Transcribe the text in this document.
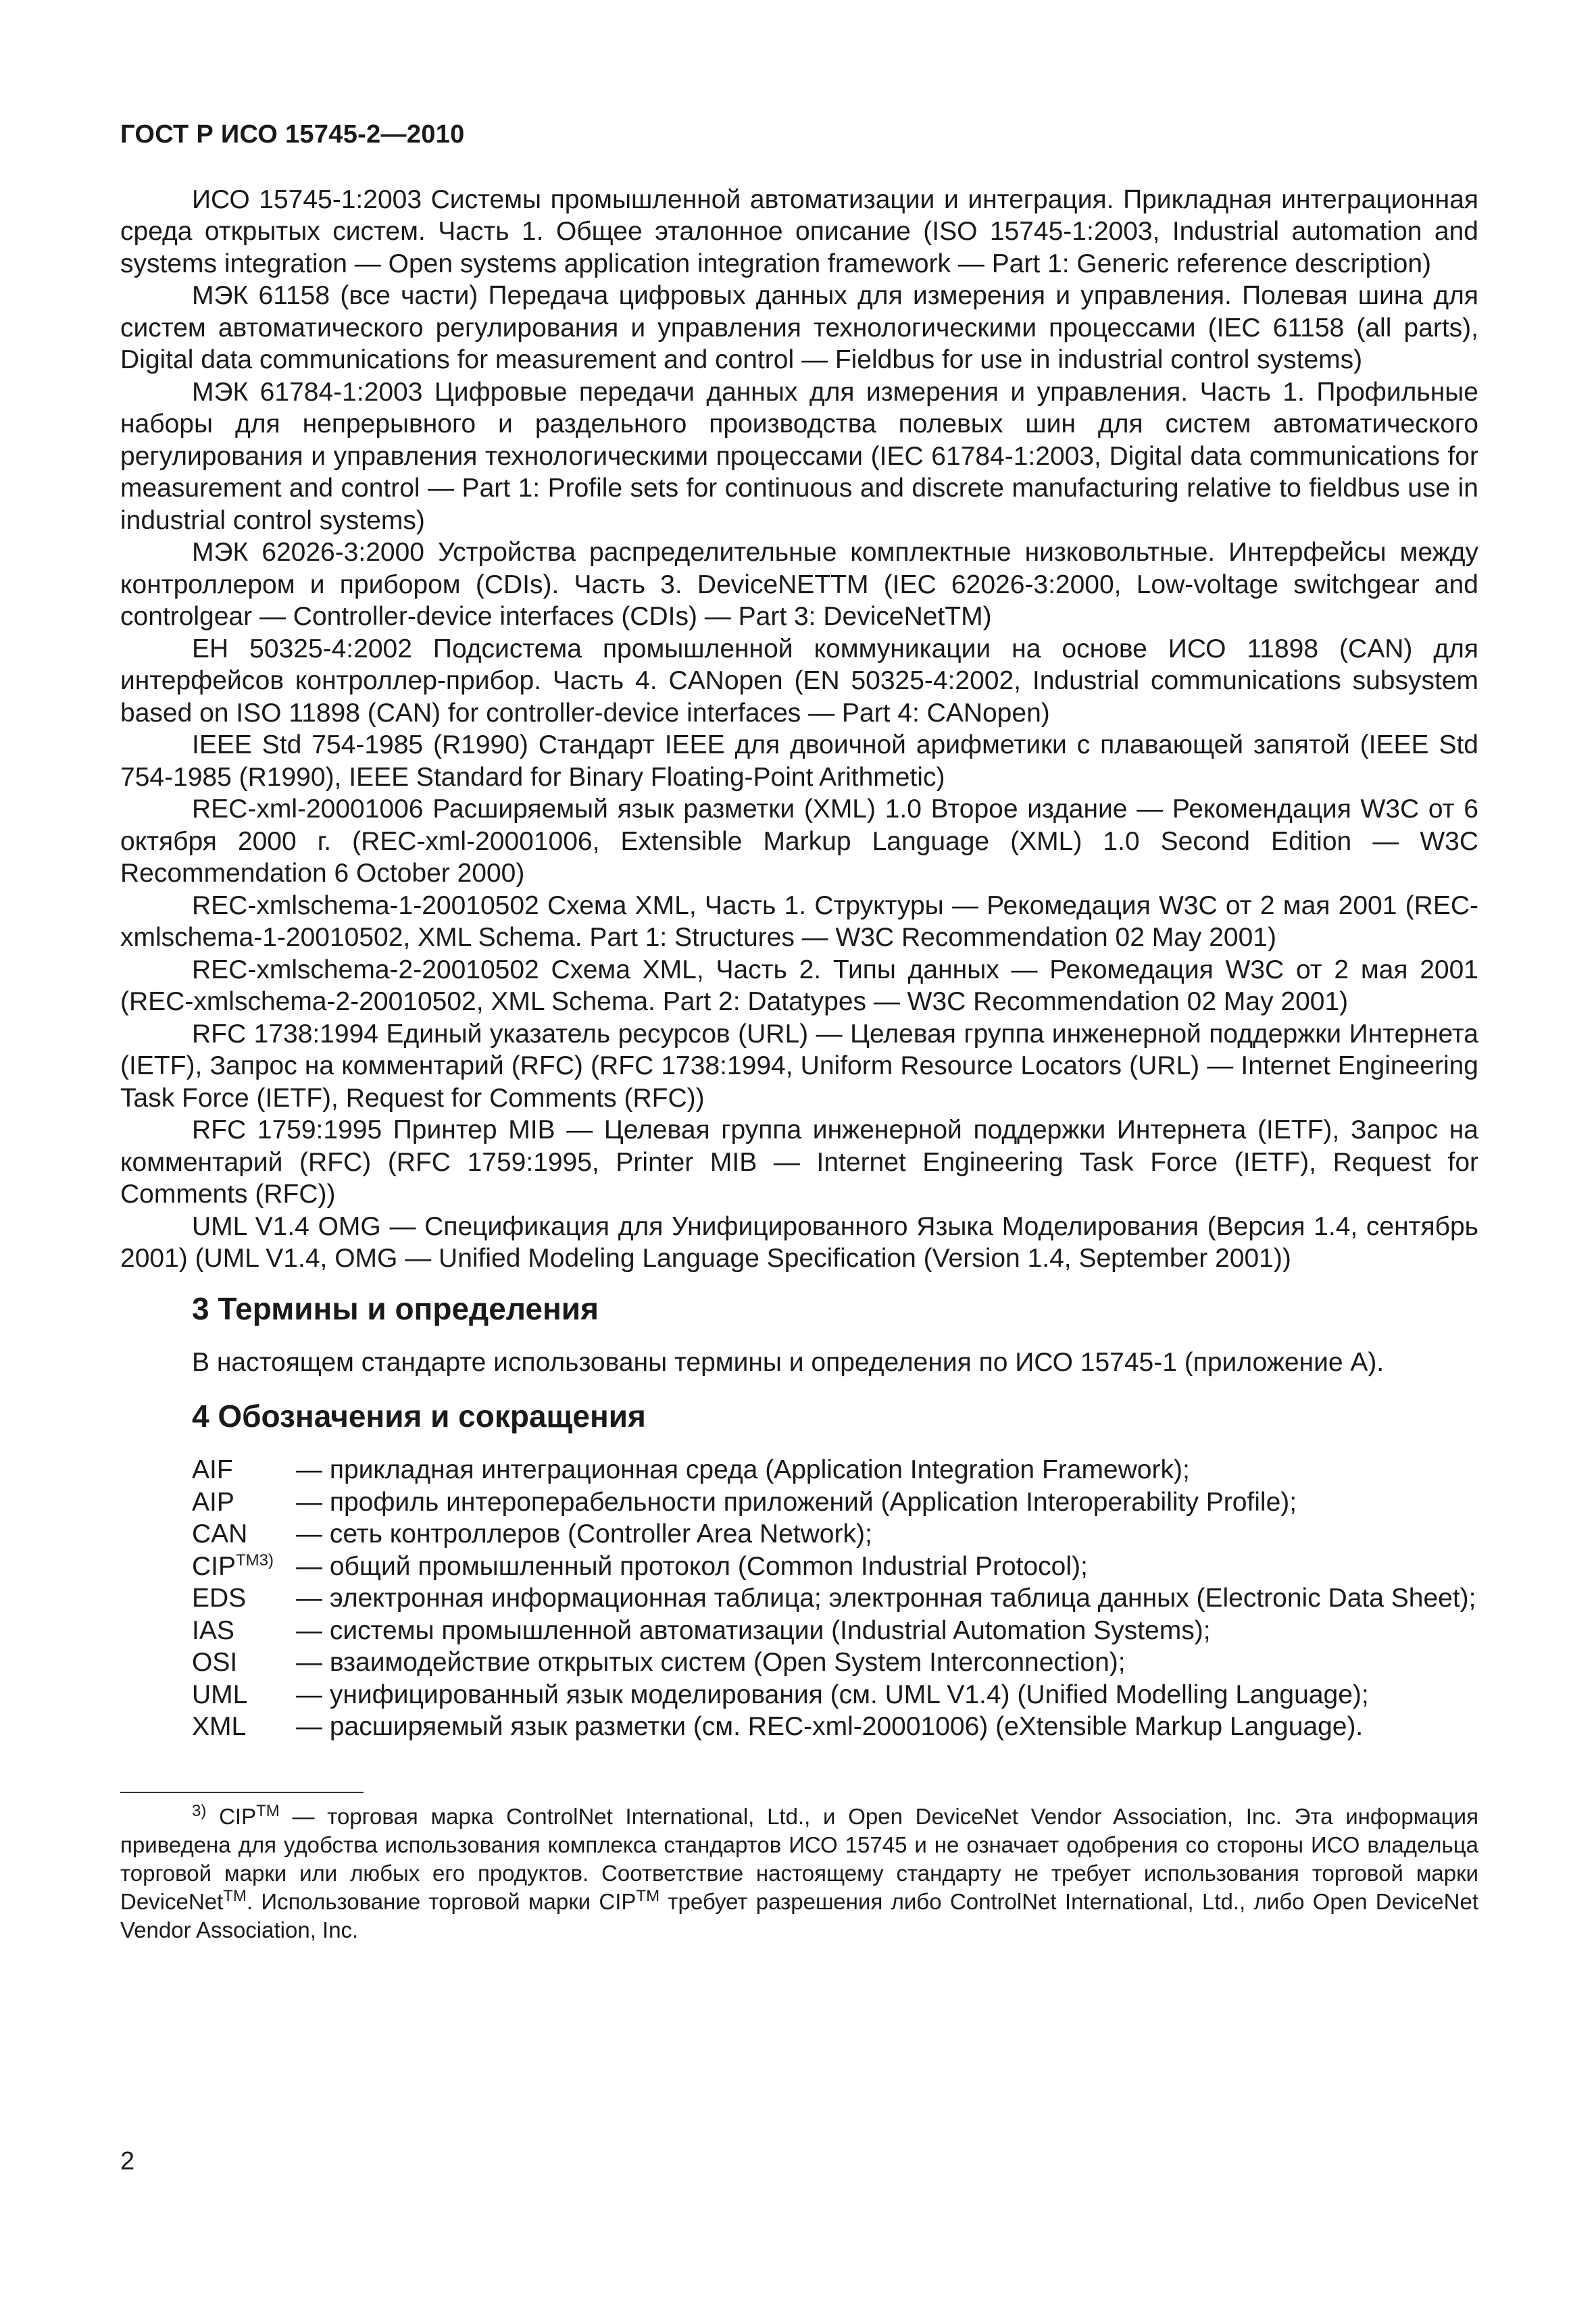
ГОСТ Р ИСО 15745-2—2010

ИСО 15745-1:2003 Системы промышленной автоматизации и интеграция. Прикладная интеграционная среда открытых систем. Часть 1. Общее эталонное описание (ISO 15745-1:2003, Industrial automation and systems integration — Open systems application integration framework — Part 1: Generic reference description)

МЭК 61158 (все части) Передача цифровых данных для измерения и управления. Полевая шина для систем автоматического регулирования и управления технологическими процессами (IEC 61158 (all parts), Digital data communications for measurement and control — Fieldbus for use in industrial control systems)

МЭК 61784-1:2003 Цифровые передачи данных для измерения и управления. Часть 1. Профильные наборы для непрерывного и раздельного производства полевых шин для систем автоматического регулирования и управления технологическими процессами (IEC 61784-1:2003, Digital data communications for measurement and control — Part 1: Profile sets for continuous and discrete manufacturing relative to fieldbus use in industrial control systems)

МЭК 62026-3:2000 Устройства распределительные комплектные низковольтные. Интерфейсы между контроллером и прибором (CDIs). Часть 3. DeviceNETTM (IEC 62026-3:2000, Low-voltage switchgear and controlgear — Controller-device interfaces (CDIs) — Part 3: DeviceNetTM)

ЕН 50325-4:2002 Подсистема промышленной коммуникации на основе ИСО 11898 (CAN) для интерфейсов контроллер-прибор. Часть 4. CANopen (EN 50325-4:2002, Industrial communications subsystem based on ISO 11898 (CAN) for controller-device interfaces — Part 4: CANopen)

IEEE Std 754-1985 (R1990) Стандарт IEEE для двоичной арифметики с плавающей запятой (IEEE Std 754-1985 (R1990), IEEE Standard for Binary Floating-Point Arithmetic)

REC-xml-20001006 Расширяемый язык разметки (XML) 1.0 Второе издание — Рекомендация W3C от 6 октября 2000 г. (REC-xml-20001006, Extensible Markup Language (XML) 1.0 Second Edition — W3C Recommendation 6 October 2000)

REC-xmlschema-1-20010502 Схема XML, Часть 1. Структуры — Рекомедация W3C от 2 мая 2001 (REC-xmlschema-1-20010502, XML Schema. Part 1: Structures — W3C Recommendation 02 May 2001)

REC-xmlschema-2-20010502 Схема XML, Часть 2. Типы данных — Рекомедация W3C от 2 мая 2001 (REC-xmlschema-2-20010502, XML Schema. Part 2: Datatypes — W3C Recommendation 02 May 2001)

RFC 1738:1994 Единый указатель ресурсов (URL) — Целевая группа инженерной поддержки Интернета (IETF), Запрос на комментарий (RFC) (RFC 1738:1994, Uniform Resource Locators (URL) — Internet Engineering Task Force (IETF), Request for Comments (RFC))

RFC 1759:1995 Принтер MIB — Целевая группа инженерной поддержки Интернета (IETF), Запрос на комментарий (RFC) (RFC 1759:1995, Printer MIB — Internet Engineering Task Force (IETF), Request for Comments (RFC))

UML V1.4 OMG — Спецификация для Унифицированного Языка Моделирования (Версия 1.4, сентябрь 2001) (UML V1.4, OMG — Unified Modeling Language Specification (Version 1.4, September 2001))

3 Термины и определения

В настоящем стандарте использованы термины и определения по ИСО 15745-1 (приложение А).

4 Обозначения и сокращения
AIF	— прикладная интеграционная среда (Application Integration Framework);
AIP	— профиль интероперабельности приложений (Application Interoperability Profile);
CAN	— сеть контроллеров (Controller Area Network);
$CIP^{TM3)}$	— общий промышленный протокол (Common Industrial Protocol);
EDS	— электронная информационная таблица; электронная таблица данных (Electronic Data Sheet);
IAS	— системы промышленной автоматизации (Industrial Automation Systems);
OSI	— взаимодействие открытых систем (Open System Interconnection);
UML	— унифицированный язык моделирования (см. UML V1.4) (Unified Modelling Language);
XML	— расширяемый язык разметки (см. REC-xml-20001006) (eXtensible Markup Language).

$^{3)}$ CIP™ — торговая марка ControlNet International, Ltd., и Open DeviceNet Vendor Association, Inc. Эта информация приведена для удобства использования комплекса стандартов ИСО 15745 и не означает одобрения со стороны ИСО владельца торговой марки или любых его продуктов. Соответствие настоящему стандарту не требует использования торговой марки DeviceNet™. Использование торговой марки CIP™ требует разрешения либо ControlNet International, Ltd., либо Open DeviceNet Vendor Association, Inc.

2
